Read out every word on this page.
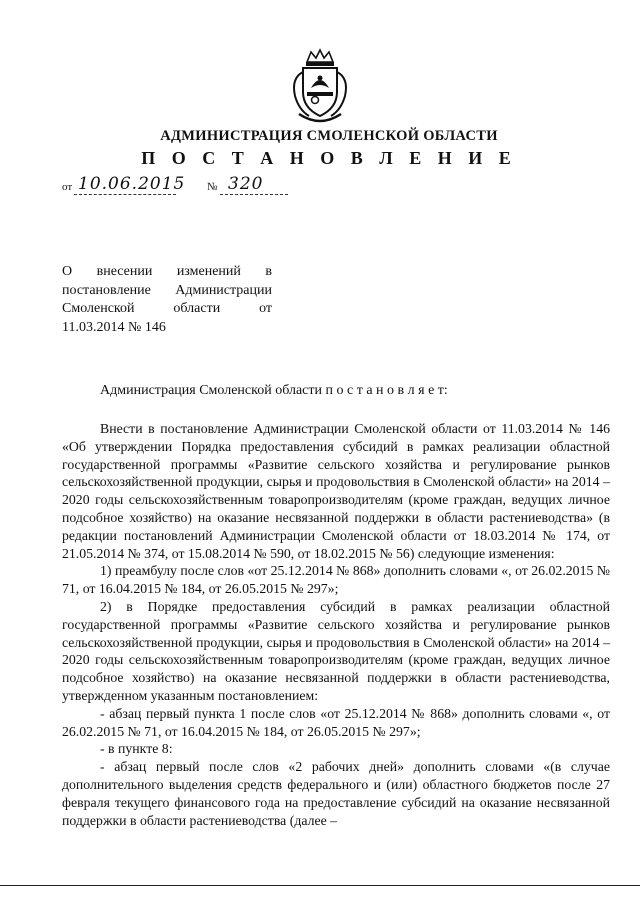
АДМИНИСТРАЦИЯ СМОЛЕНСКОЙ ОБЛАСТИ
П О С Т А Н О В Л Е Н И Е
от 10.06.2015 № 320
О внесении изменений в
постановление Администрации
Смоленской области от
11.03.2014 № 146
Администрация Смоленской области п о с т а н о в л я е т:

Внести в постановление Администрации Смоленской области от 11.03.2014 № 146 «Об утверждении Порядка предоставления субсидий в рамках реализации областной государственной программы «Развитие сельского хозяйства и регулирование рынков сельскохозяйственной продукции, сырья и продовольствия в Смоленской области» на 2014 – 2020 годы сельскохозяйственным товаропроизводителям (кроме граждан, ведущих личное подсобное хозяйство) на оказание несвязанной поддержки в области растениеводства» (в редакции постановлений Администрации Смоленской области от 18.03.2014 № 174, от 21.05.2014 № 374, от 15.08.2014 № 590, от 18.02.2015 № 56) следующие изменения:

1) преамбулу после слов «от 25.12.2014 № 868» дополнить словами «, от 26.02.2015 № 71, от 16.04.2015 № 184, от 26.05.2015 № 297»;

2) в Порядке предоставления субсидий в рамках реализации областной государственной программы «Развитие сельского хозяйства и регулирование рынков сельскохозяйственной продукции, сырья и продовольствия в Смоленской области» на 2014 – 2020 годы сельскохозяйственным товаропроизводителям (кроме граждан, ведущих личное подсобное хозяйство) на оказание несвязанной поддержки в области растениеводства, утвержденном указанным постановлением:

- абзац первый пункта 1 после слов «от 25.12.2014 № 868» дополнить словами «, от 26.02.2015 № 71, от 16.04.2015 № 184, от 26.05.2015 № 297»;

- в пункте 8:

- абзац первый после слов «2 рабочих дней» дополнить словами «(в случае дополнительного выделения средств федерального и (или) областного бюджетов после 27 февраля текущего финансового года на предоставление субсидий на оказание несвязанной поддержки в области растениеводства (далее –
